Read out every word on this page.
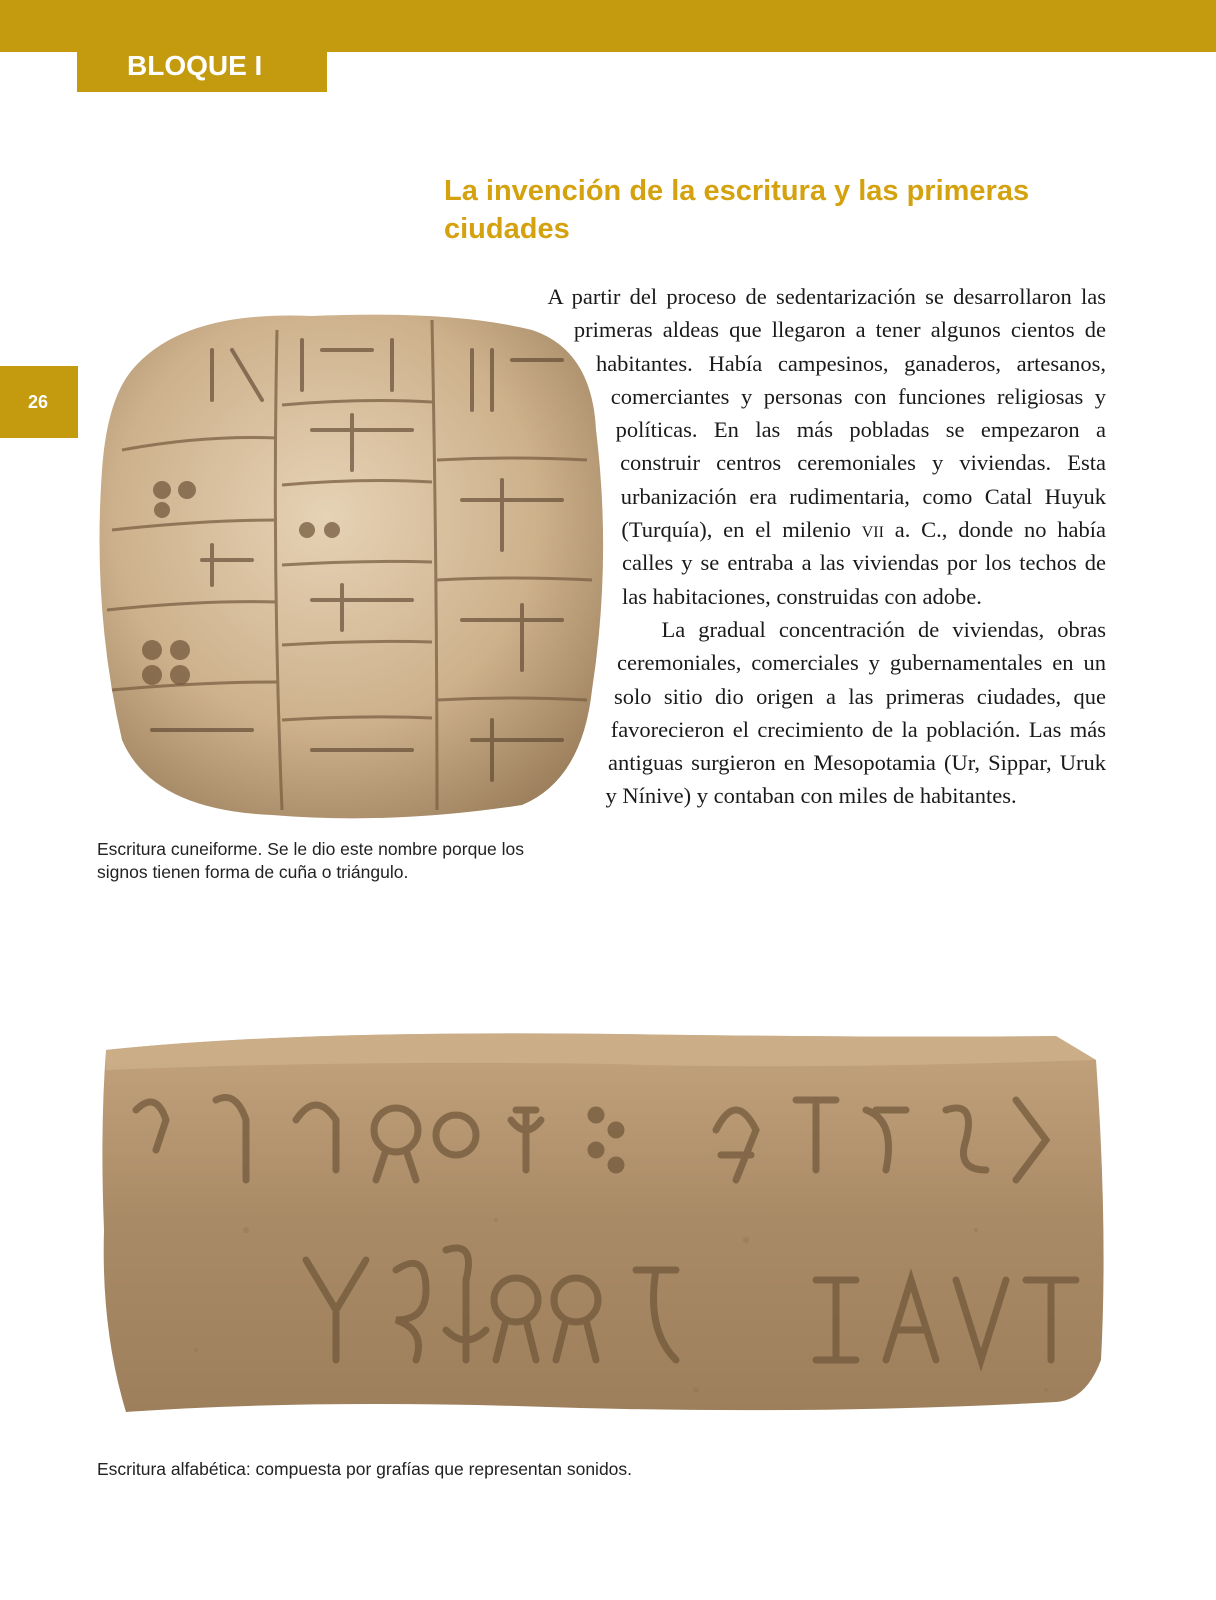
BLOQUE I
26
La invención de la escritura y las primeras ciudades

A partir del proceso de sedentarización se desarrollaron las primeras aldeas que llegaron a tener algunos cientos de habitantes. Había campesinos, ganaderos, artesanos, comerciantes y personas con funciones religiosas y políticas. En las más pobladas se empezaron a construir centros ceremoniales y viviendas. Esta urbanización era rudimentaria, como Catal Huyuk (Turquía), en el milenio vii a. C., donde no había calles y se entraba a las viviendas por los techos de las habitaciones, construidas con adobe.

La gradual concentración de viviendas, obras ceremoniales, comerciales y gubernamentales en un solo sitio dio origen a las primeras ciudades, que favorecieron el crecimiento de la población. Las más antiguas surgieron en Mesopotamia (Ur, Sippar, Uruk y Nínive) y contaban con miles de habitantes.

Escritura cuneiforme. Se le dio este nombre porque los signos tienen forma de cuña o triángulo.
Escritura alfabética: compuesta por grafías que representan sonidos.
